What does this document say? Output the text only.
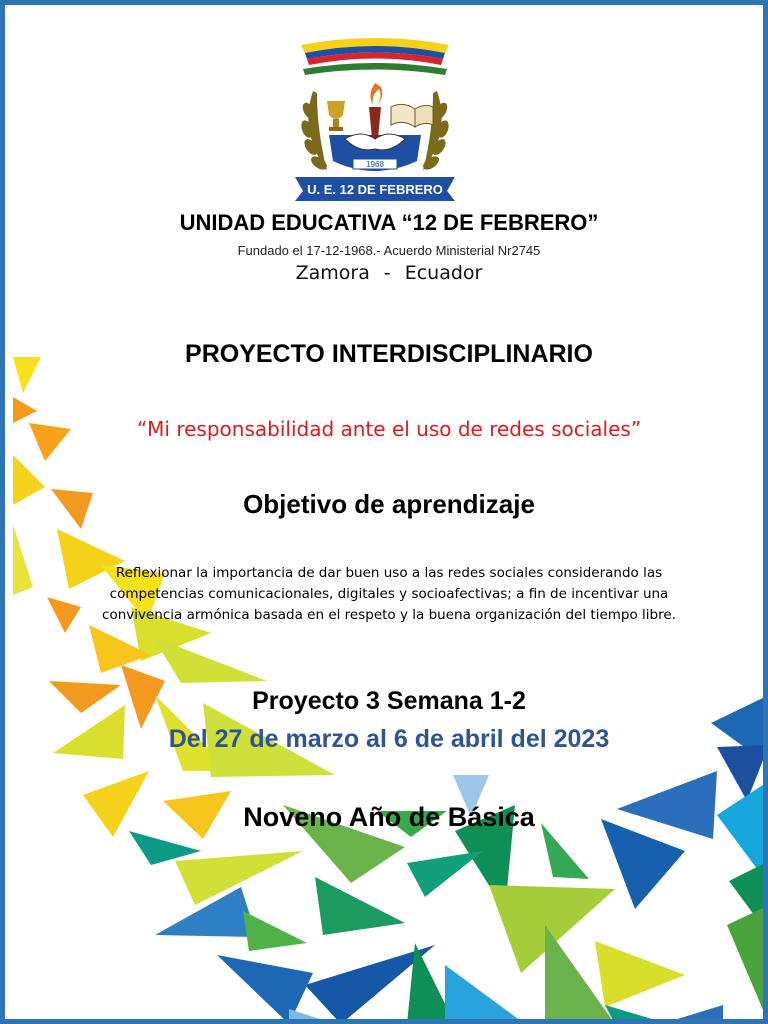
1968
U. E. 12 DE FEBRERO
UNIDAD EDUCATIVA “12 DE FEBRERO”
Fundado el 17-12-1968.- Acuerdo Ministerial Nr2745
Zamora - Ecuador
PROYECTO INTERDISCIPLINARIO
“Mi responsabilidad ante el uso de redes sociales”
Objetivo de aprendizaje
Reflexionar la importancia de dar buen uso a las redes sociales considerando las competencias comunicacionales, digitales y socioafectivas; a fin de incentivar una convivencia armónica basada en el respeto y la buena organización del tiempo libre.
Proyecto 3 Semana 1-2
Del 27 de marzo al 6 de abril del 2023
Noveno Año de Básica
